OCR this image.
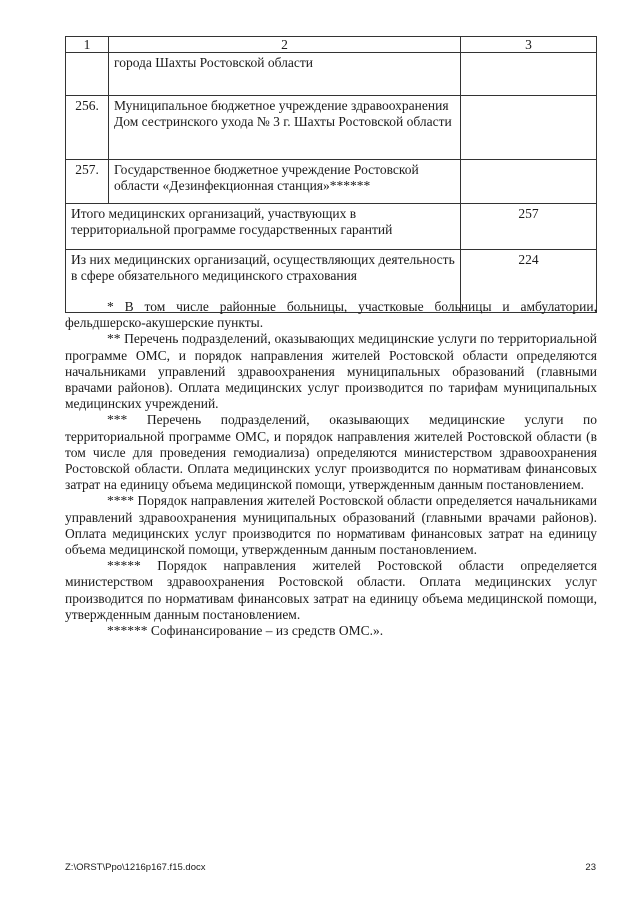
1	2	3
	города Шахты Ростовской области	
256.	Муниципальное бюджетное учреждение здравоохранения Дом сестринского ухода № 3 г. Шахты Ростовской области	
257.	Государственное бюджетное учреждение Ростовской области «Дезинфекционная станция»******	
Итого медицинских организаций, участвующих в территориальной программе государственных гарантий		257
Из них медицинских организаций, осуществляющих деятельность в сфере обязательного медицинского страхования		224

* В том числе районные больницы, участковые больницы и амбулатории, фельдшерско-акушерские пункты.

** Перечень подразделений, оказывающих медицинские услуги по территориальной программе ОМС, и порядок направления жителей Ростовской области определяются начальниками управлений здравоохранения муниципальных образований (главными врачами районов). Оплата медицинских услуг производится по тарифам муниципальных медицинских учреждений.

*** Перечень подразделений, оказывающих медицинские услуги по территориальной программе ОМС, и порядок направления жителей Ростовской области (в том числе для проведения гемодиализа) определяются министерством здравоохранения Ростовской области. Оплата медицинских услуг производится по нормативам финансовых затрат на единицу объема медицинской помощи, утвержденным данным постановлением.

**** Порядок направления жителей Ростовской области определяется начальниками управлений здравоохранения муниципальных образований (главными врачами районов). Оплата медицинских услуг производится по нормативам финансовых затрат на единицу объема медицинской помощи, утвержденным данным постановлением.

***** Порядок направления жителей Ростовской области определяется министерством здравоохранения Ростовской области. Оплата медицинских услуг производится по нормативам финансовых затрат на единицу объема медицинской помощи, утвержденным данным постановлением.

****** Софинансирование – из средств ОМС.».

Z:\ORST\Ppo\1216p167.f15.docx	23
